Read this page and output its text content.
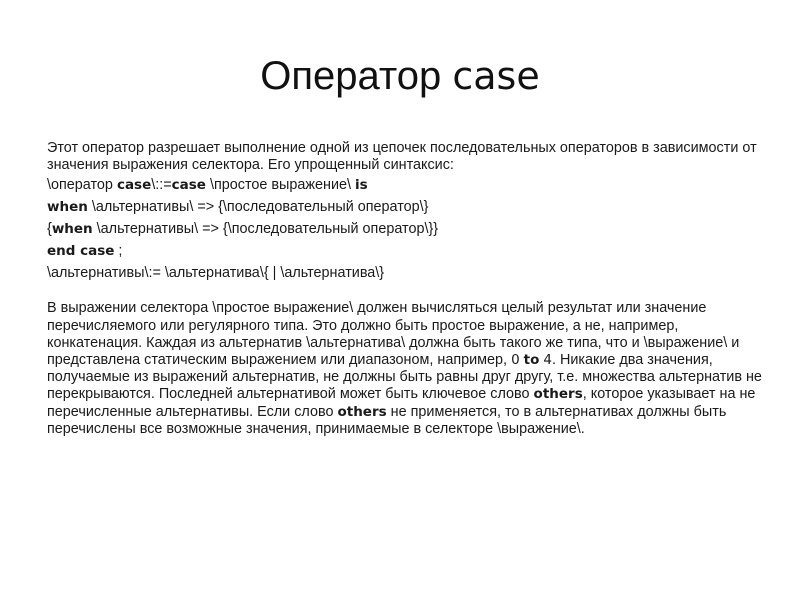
Оператор case

Этот оператор разрешает выполнение одной из цепочек последовательных операторов в зависимости от значения выражения селектора. Его упрощенный синтаксис:

\оператор case\::=case \простое выражение\ is

when \альтернативы\ => {\последовательный оператор\}

{when \альтернативы\ => {\последовательный оператор\}}

end case ;

\альтернативы\:= \альтернатива\{ | \альтернатива\}

В выражении селектора \простое выражение\ должен вычисляться целый результат или значение перечисляемого или регулярного типа. Это должно быть простое выражение, а не, например, конкатенация. Каждая из альтернатив \альтернатива\ должна быть такого же типа, что и \выражение\ и представлена статическим выражением или диапазоном, например, 0 to 4. Никакие два значения, получаемые из выражений альтернатив, не должны быть равны друг другу, т.е. множества альтернатив не перекрываются. Последней альтернативой может быть ключевое слово others, которое указывает на не перечисленные альтернативы. Если слово others не применяется, то в альтернативах должны быть перечислены все возможные значения, принимаемые в селекторе \выражение\.
